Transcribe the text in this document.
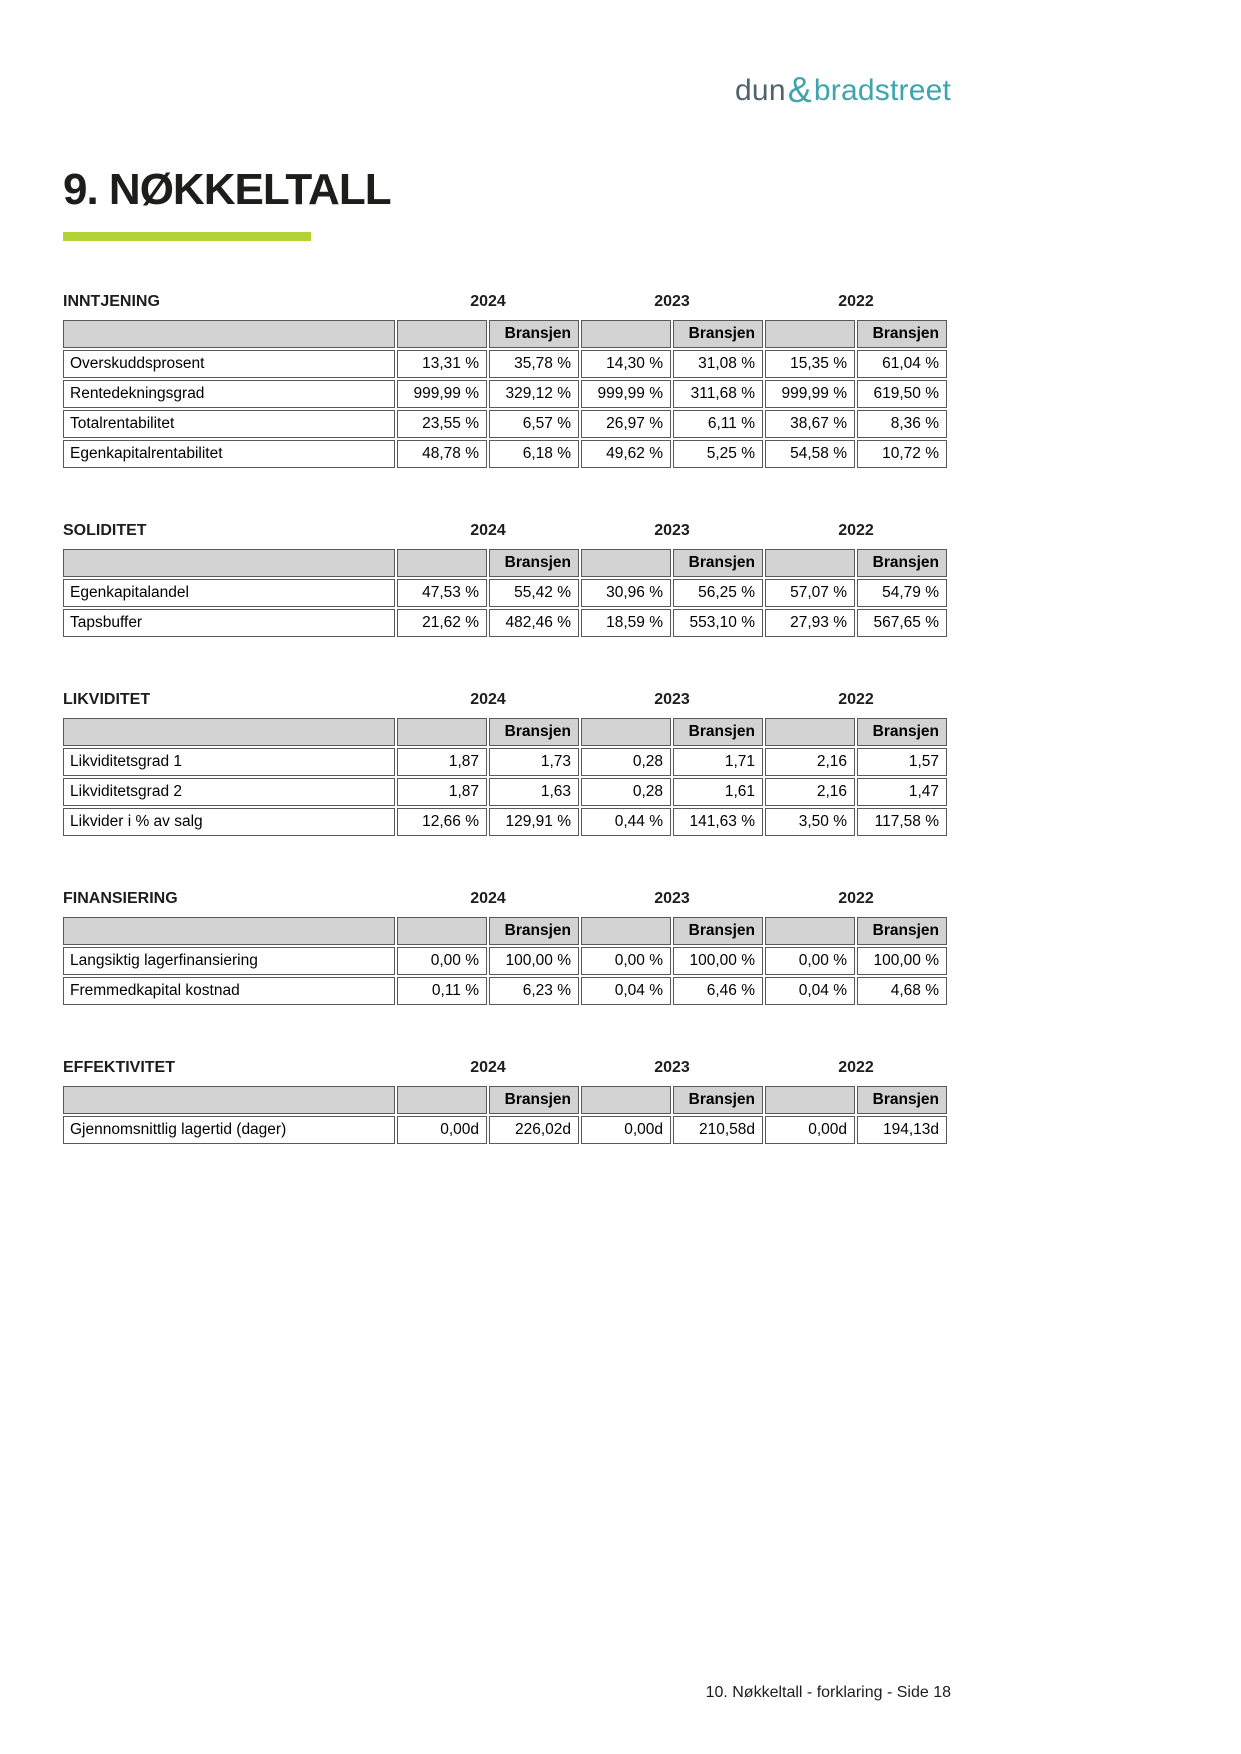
dun&bradstreet
9. NØKKELTALL
INNTJENING	2024		2023		2022	
		Bransjen		Bransjen		Bransjen
Overskuddsprosent	13,31 %	35,78 %	14,30 %	31,08 %	15,35 %	61,04 %
Rentedekningsgrad	999,99 %	329,12 %	999,99 %	311,68 %	999,99 %	619,50 %
Totalrentabilitet	23,55 %	6,57 %	26,97 %	6,11 %	38,67 %	8,36 %
Egenkapitalrentabilitet	48,78 %	6,18 %	49,62 %	5,25 %	54,58 %	10,72 %
SOLIDITET	2024		2023		2022	
		Bransjen		Bransjen		Bransjen
Egenkapitalandel	47,53 %	55,42 %	30,96 %	56,25 %	57,07 %	54,79 %
Tapsbuffer	21,62 %	482,46 %	18,59 %	553,10 %	27,93 %	567,65 %
LIKVIDITET	2024		2023		2022	
		Bransjen		Bransjen		Bransjen
Likviditetsgrad 1	1,87	1,73	0,28	1,71	2,16	1,57
Likviditetsgrad 2	1,87	1,63	0,28	1,61	2,16	1,47
Likvider i % av salg	12,66 %	129,91 %	0,44 %	141,63 %	3,50 %	117,58 %
FINANSIERING	2024		2023		2022	
		Bransjen		Bransjen		Bransjen
Langsiktig lagerfinansiering	0,00 %	100,00 %	0,00 %	100,00 %	0,00 %	100,00 %
Fremmedkapital kostnad	0,11 %	6,23 %	0,04 %	6,46 %	0,04 %	4,68 %
EFFEKTIVITET	2024		2023		2022	
		Bransjen		Bransjen		Bransjen
Gjennomsnittlig lagertid (dager)	0,00d	226,02d	0,00d	210,58d	0,00d	194,13d
10. Nøkkeltall - forklaring - Side 18
